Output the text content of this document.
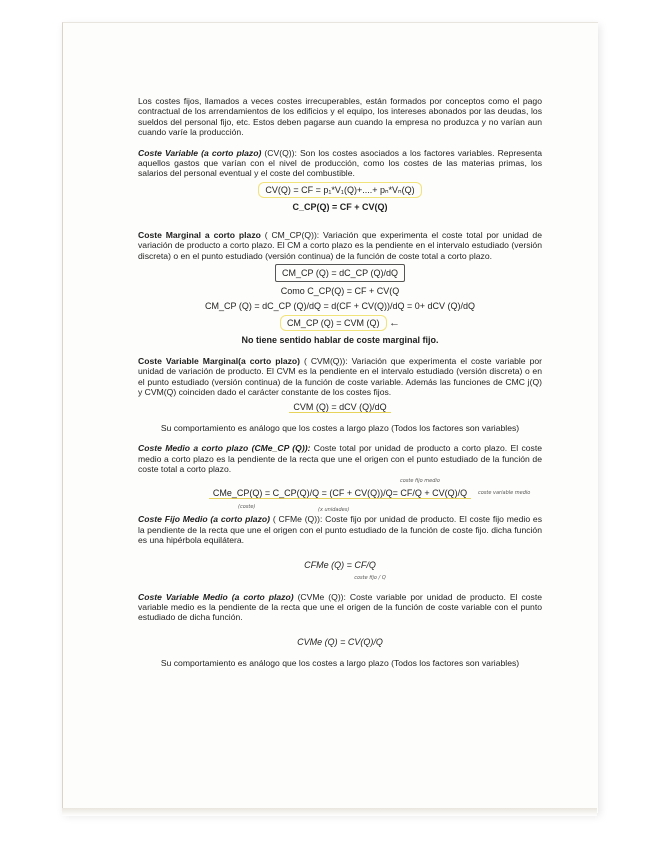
Los costes fijos, llamados a veces costes irrecuperables, están formados por conceptos como el pago contractual de los arrendamientos de los edificios y el equipo, los intereses abonados por las deudas, los sueldos del personal fijo, etc. Estos deben pagarse aun cuando la empresa no produzca y no varían aun cuando varíe la producción.

Coste Variable (a corto plazo) (CV(Q)): Son los costes asociados a los factores variables. Representa aquellos gastos que varían con el nivel de producción, como los costes de las materias primas, los salarios del personal eventual y el coste del combustible.

CV(Q) = CF = p₁*V₁(Q)+....+ pₙ*Vₙ(Q)
C_CP(Q) = CF + CV(Q)

Coste Marginal a corto plazo ( CM_CP(Q)): Variación que experimenta el coste total por unidad de variación de producto a corto plazo. El CM a corto plazo es la pendiente en el intervalo estudiado (versión discreta) o en el punto estudiado (versión continua) de la función de coste total a corto plazo.

CM_CP (Q) = dC_CP (Q)/dQ
Como C_CP(Q) = CF + CV(Q
CM_CP (Q) = dC_CP (Q)/dQ = d(CF + CV(Q))/dQ = 0+ dCV (Q)/dQ
CM_CP (Q) = CVM (Q) ←
No tiene sentido hablar de coste marginal fijo.

Coste Variable Marginal(a corto plazo) ( CVM(Q)): Variación que experimenta el coste variable por unidad de variación de producto. El CVM es la pendiente en el intervalo estudiado (versión discreta) o en el punto estudiado (versión continua) de la función de coste variable. Además las funciones de CMC j(Q) y CVM(Q) coinciden dado el carácter constante de los costes fijos.

CVM (Q) = dCV (Q)/dQ

Su comportamiento es análogo que los costes a largo plazo (Todos los factores son variables)

Coste Medio a corto plazo (CMe_CP (Q)): Coste total por unidad de producto a corto plazo. El coste medio a corto plazo es la pendiente de la recta que une el origen con el punto estudiado de la función de coste total a corto plazo.

coste fijo medio
CMe_CP(Q) = C_CP(Q)/Q = (CF + CV(Q))/Q= CF/Q + CV(Q)/Q coste variable medio
(coste)	(x unidades)

Coste Fijo Medio (a corto plazo) ( CFMe (Q)): Coste fijo por unidad de producto. El coste fijo medio es la pendiente de la recta que une el origen con el punto estudiado de la función de coste fijo. dicha función es una hipérbola equilátera.

CFMe (Q) = CF/Q
coste fijo / Q

Coste Variable Medio (a corto plazo) (CVMe (Q)): Coste variable por unidad de producto. El coste variable medio es la pendiente de la recta que une el origen de la función de coste variable con el punto estudiado de dicha función.

CVMe (Q) = CV(Q)/Q

Su comportamiento es análogo que los costes a largo plazo (Todos los factores son variables)
